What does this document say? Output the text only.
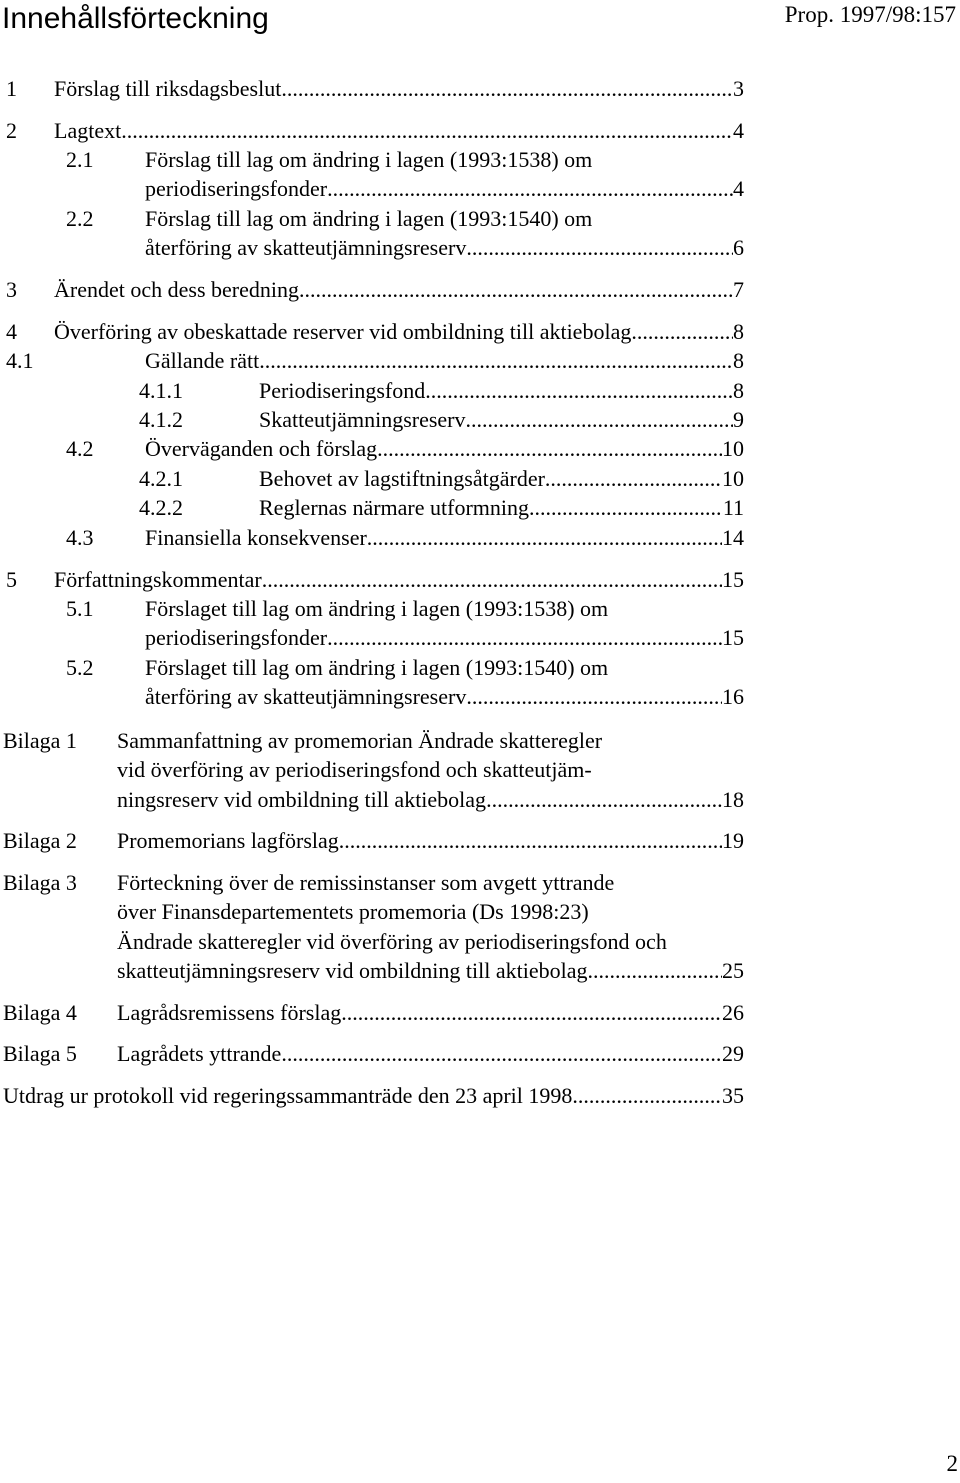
Innehållsförteckning	Prop. 1997/98:157
1 Förslag till riksdagsbeslut .....	3
2 Lagtext .....	4
2.1 Förslag till lag om ändring i lagen (1993:1538) om
periodiseringsfonder .....	4
2.2 Förslag till lag om ändring i lagen (1993:1540) om
återföring av skatteutjämningsreserv .....	6
3 Ärendet och dess beredning .....	7
4 Överföring av obeskattade reserver vid ombildning till aktiebolag .....	8
4.1	Gällande rätt .....	8
4.1.1	Periodiseringsfond .....	8
4.1.2	Skatteutjämningsreserv .....	9
4.2 Överväganden och förslag .....	10
4.2.1	Behovet av lagstiftningsåtgärder .....	10
4.2.2	Reglernas närmare utformning .....	11
4.3 Finansiella konsekvenser .....	14
5 Författningskommentar .....	15
5.1 Förslaget till lag om ändring i lagen (1993:1538) om
periodiseringsfonder .....	15
5.2 Förslaget till lag om ändring i lagen (1993:1540) om
återföring av skatteutjämningsreserv .....	16
Bilaga 1 Sammanfattning av promemorian Ändrade skatteregler
vid överföring av periodiseringsfond och skatteutjäm-
ningsreserv vid ombildning till aktiebolag .....	18
Bilaga 2 Promemorians lagförslag .....	19
Bilaga 3 Förteckning över de remissinstanser som avgett yttrande
över Finansdepartementets promemoria (Ds 1998:23)
Ändrade skatteregler vid överföring av periodiseringsfond och
skatteutjämningsreserv vid ombildning till aktiebolag .....	25
Bilaga 4 Lagrådsremissens förslag .....	26
Bilaga 5 Lagrådets yttrande .....	29
Utdrag ur protokoll vid regeringssammanträde den 23 april 1998 .....	35
2
